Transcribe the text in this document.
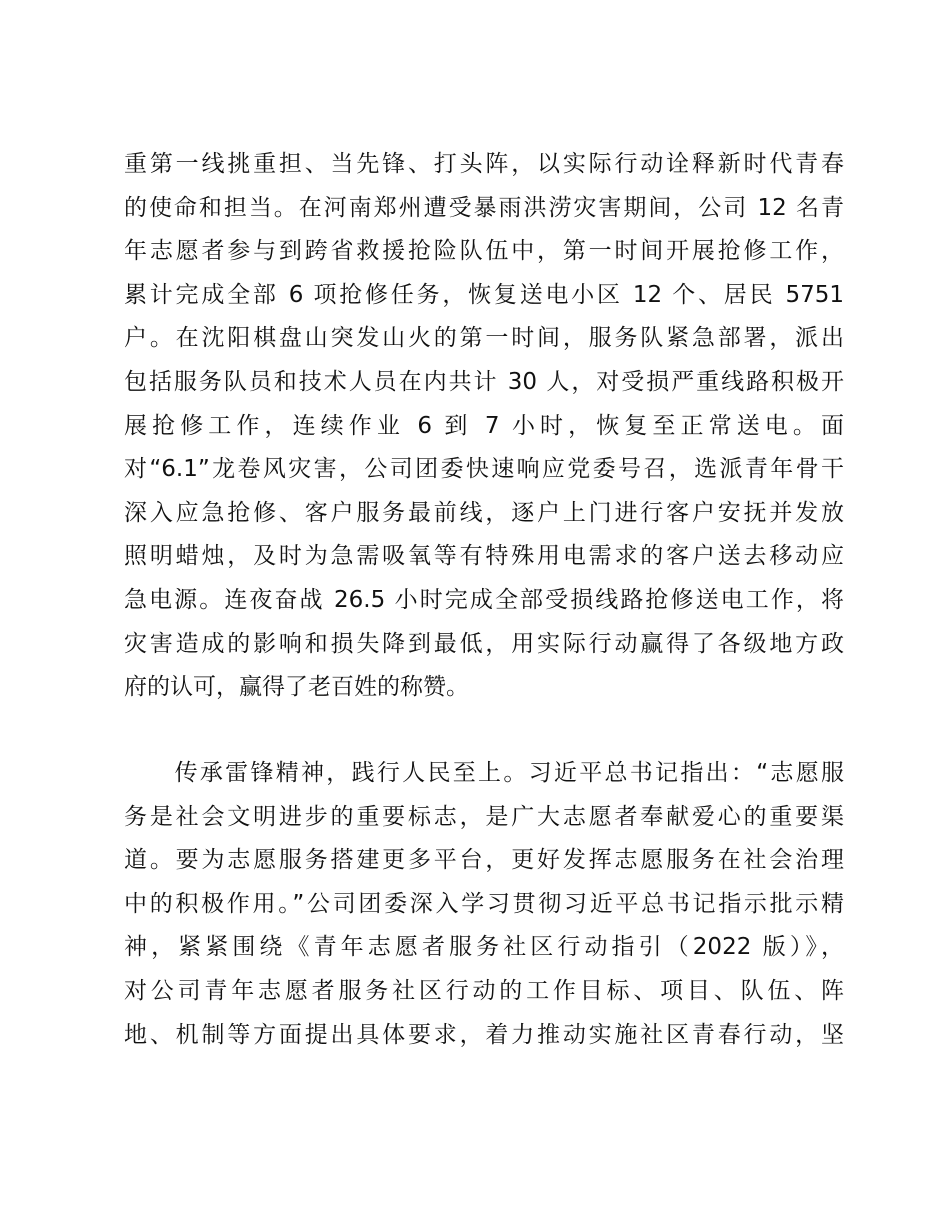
重第一线挑重担、当先锋、打头阵，以实际行动诠释新时代青春
的使命和担当。在河南郑州遭受暴雨洪涝灾害期间，公司 12 名青
年志愿者参与到跨省救援抢险队伍中，第一时间开展抢修工作，
累计完成全部 6 项抢修任务，恢复送电小区 12 个、居民 5751
户。在沈阳棋盘山突发山火的第一时间，服务队紧急部署，派出
包括服务队员和技术人员在内共计 30 人，对受损严重线路积极开
展抢修工作，连续作业 6 到 7 小时，恢复至正常送电。面
对“6.1”龙卷风灾害，公司团委快速响应党委号召，选派青年骨干
深入应急抢修、客户服务最前线，逐户上门进行客户安抚并发放
照明蜡烛，及时为急需吸氧等有特殊用电需求的客户送去移动应
急电源。连夜奋战 26.5 小时完成全部受损线路抢修送电工作，将
灾害造成的影响和损失降到最低，用实际行动赢得了各级地方政
府的认可，赢得了老百姓的称赞。
　　传承雷锋精神，践行人民至上。习近平总书记指出：“志愿服
务是社会文明进步的重要标志，是广大志愿者奉献爱心的重要渠
道。要为志愿服务搭建更多平台，更好发挥志愿服务在社会治理
中的积极作用。”公司团委深入学习贯彻习近平总书记指示批示精
神，紧紧围绕《青年志愿者服务社区行动指引（2022 版）》，
对公司青年志愿者服务社区行动的工作目标、项目、队伍、阵
地、机制等方面提出具体要求，着力推动实施社区青春行动，坚
